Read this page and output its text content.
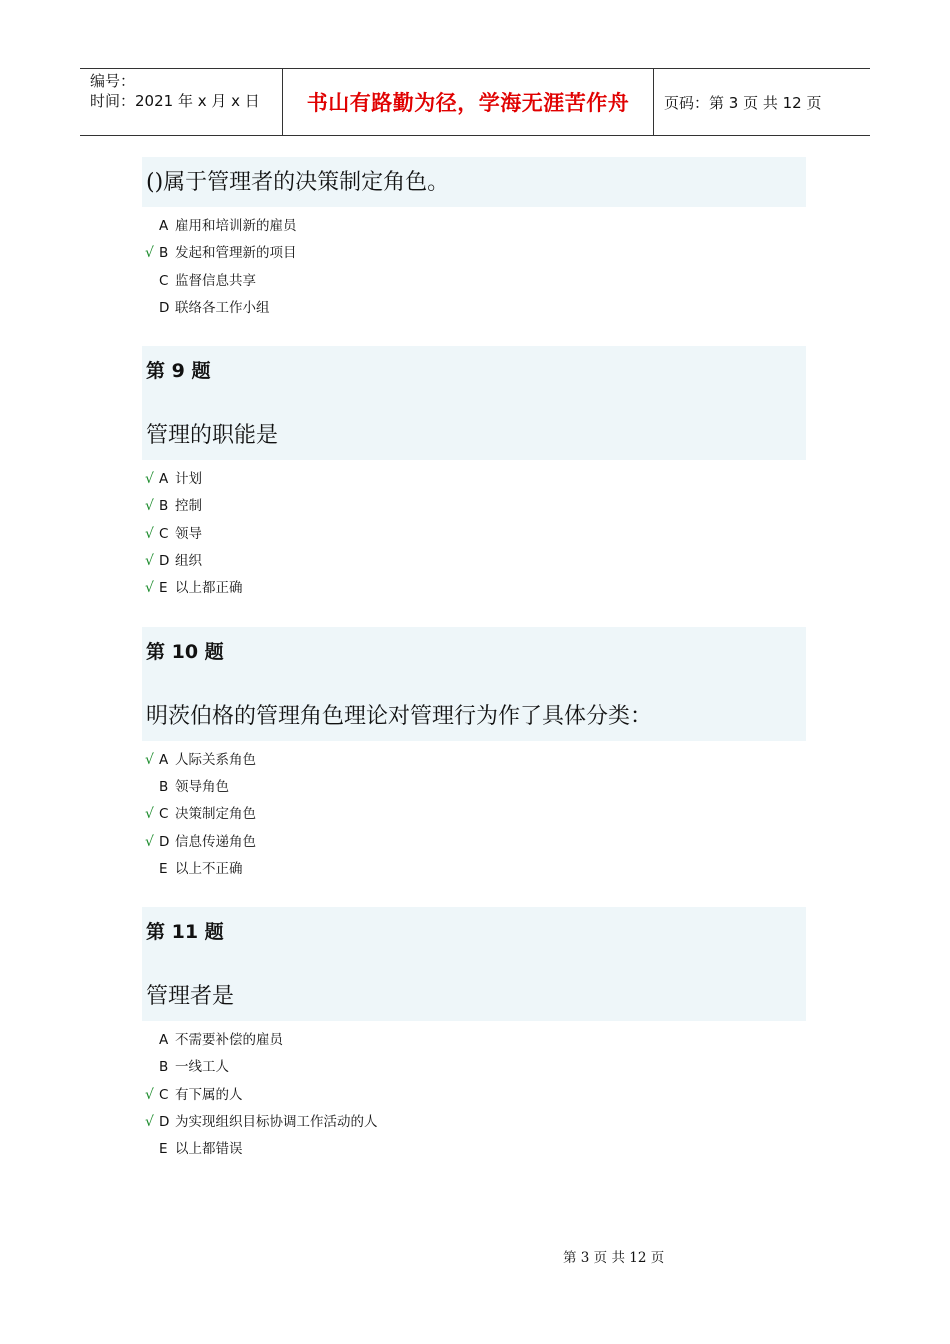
编号：
时间：2021 年 x 月 x 日	书山有路勤为径，学海无涯苦作舟	页码：第 3 页 共 12 页
()属于管理者的决策制定角色。
A 雇用和培训新的雇员
√ B 发起和管理新的项目
C 监督信息共享
D 联络各工作小组
第 9 题
管理的职能是
√ A 计划
√ B 控制
√ C 领导
√ D 组织
√ E 以上都正确
第 10 题
明茨伯格的管理角色理论对管理行为作了具体分类：
√ A 人际关系角色
B 领导角色
√ C 决策制定角色
√ D 信息传递角色
E 以上不正确
第 11 题
管理者是
A 不需要补偿的雇员
B 一线工人
√ C 有下属的人
√ D 为实现组织目标协调工作活动的人
E 以上都错误
第 3 页 共 12 页
